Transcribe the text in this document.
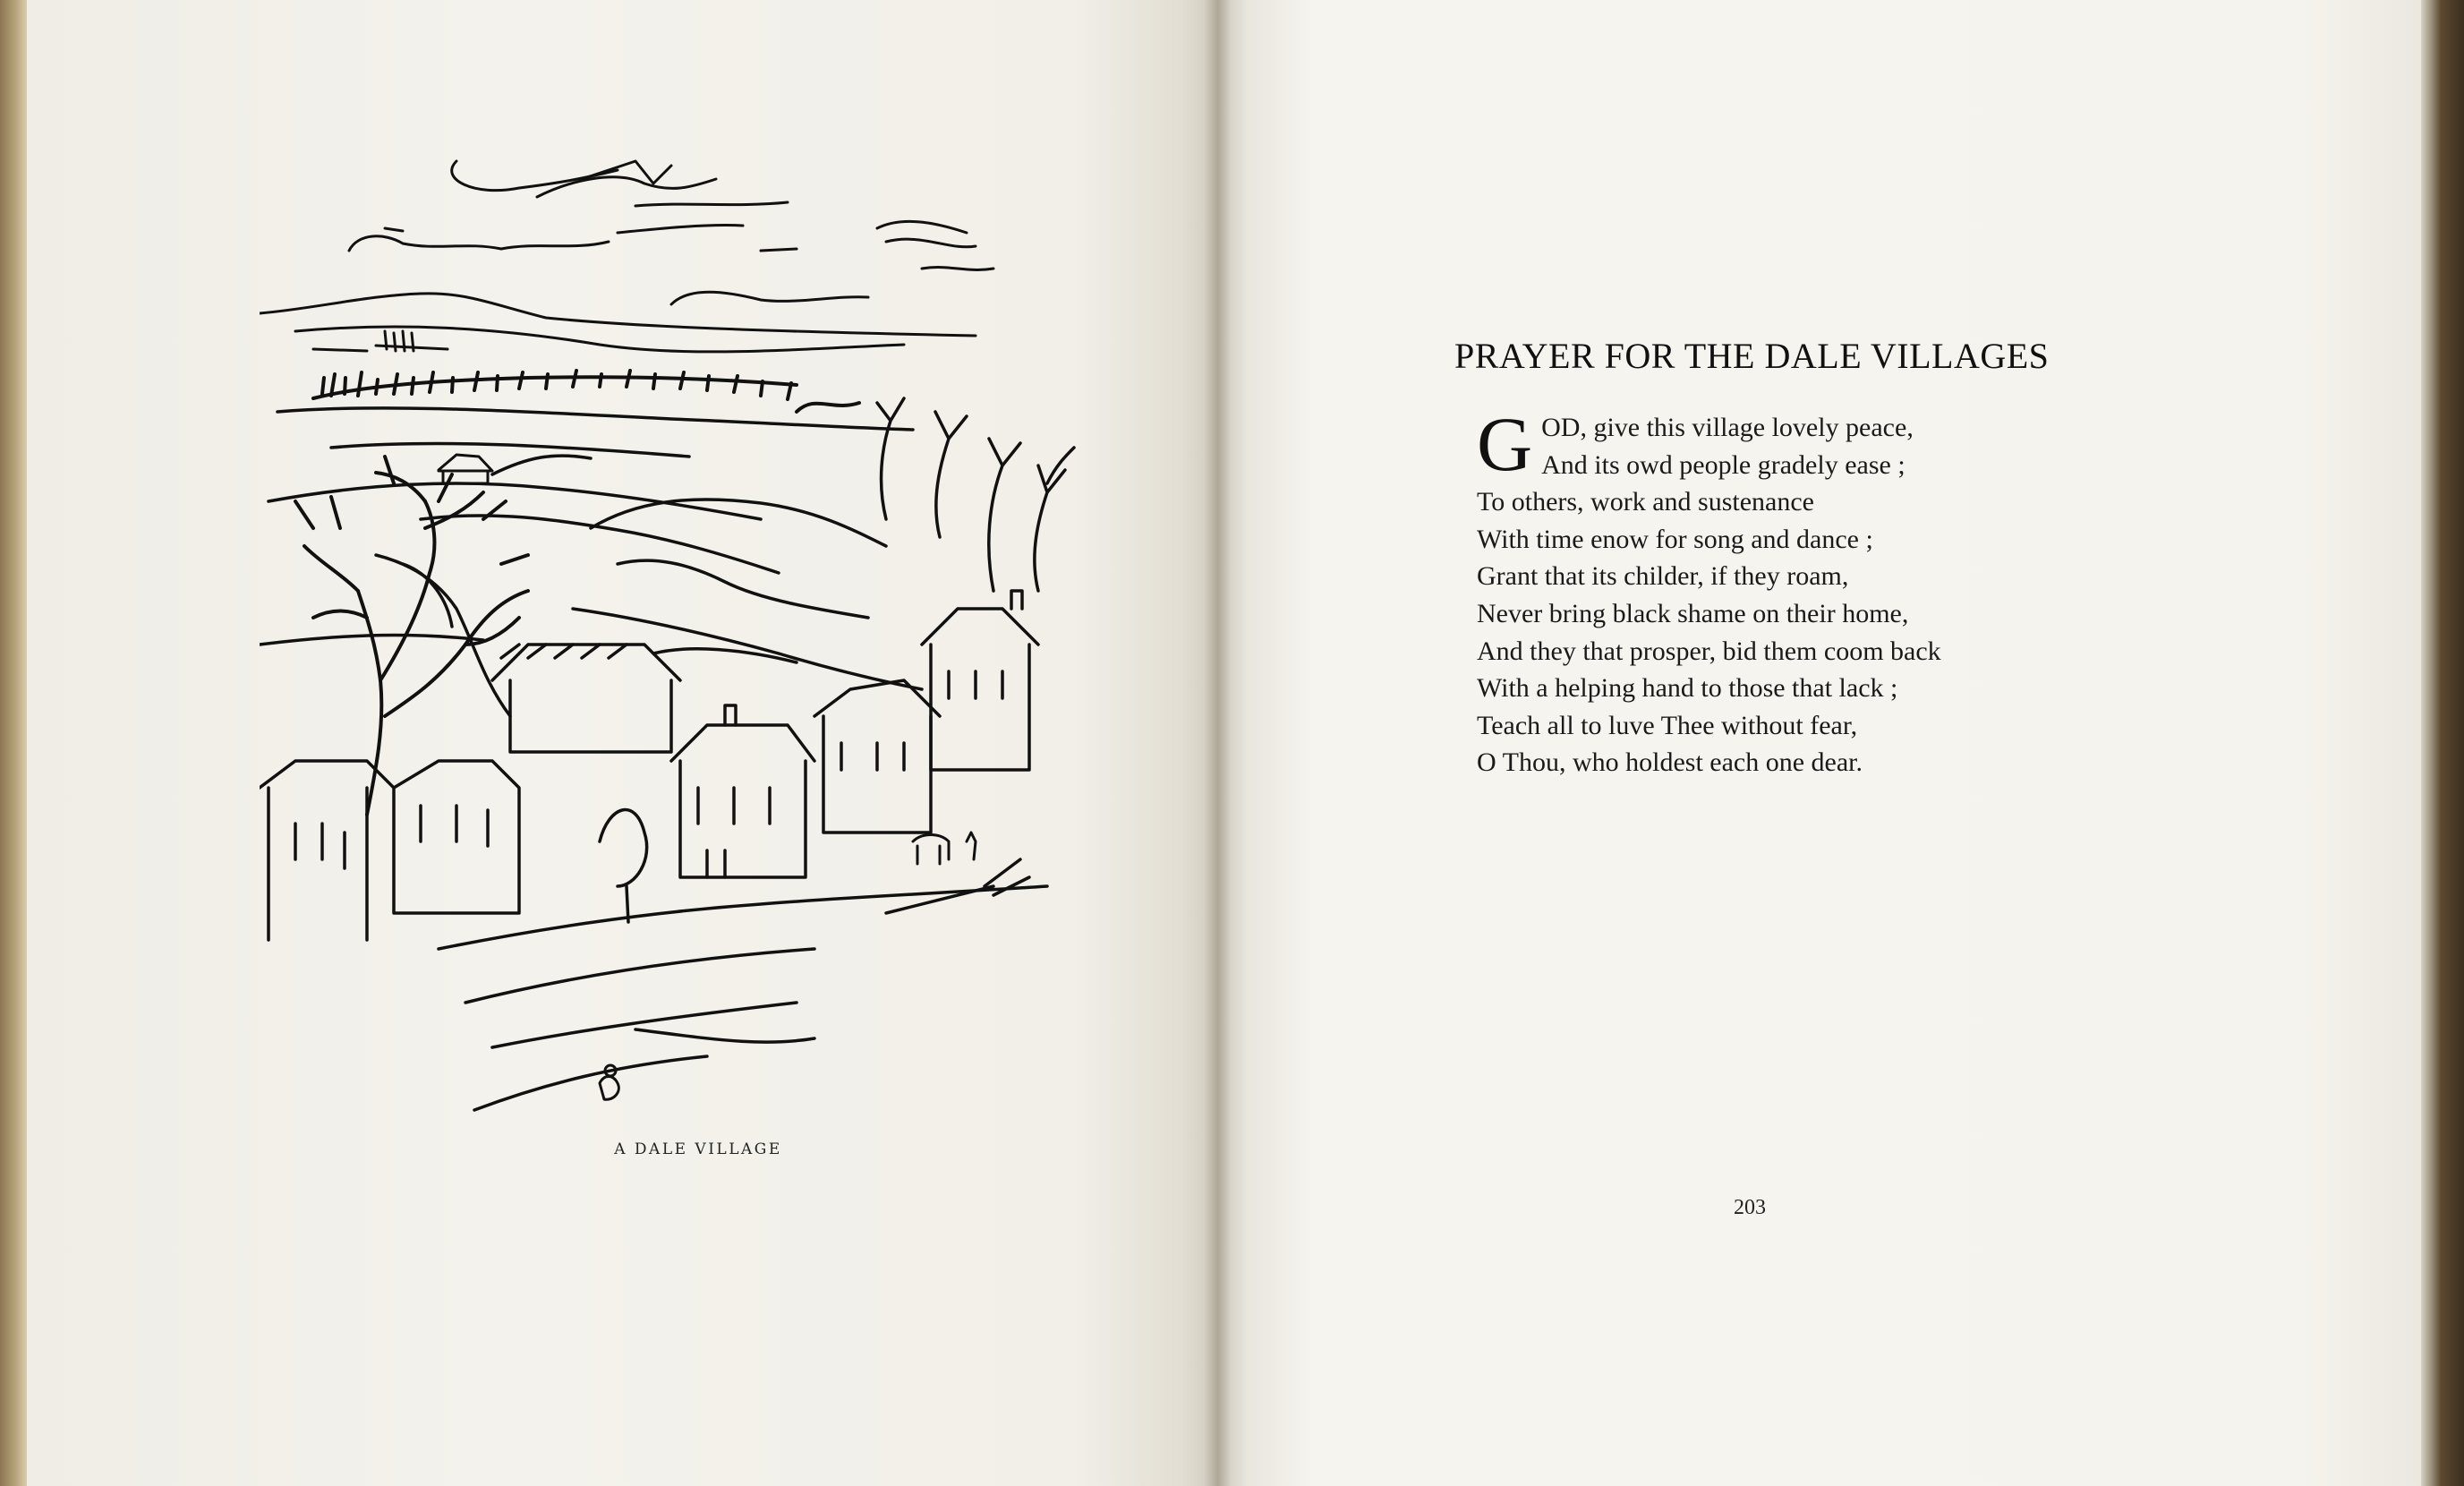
A DALE VILLAGE
PRAYER FOR THE DALE VILLAGES
G OD, give this village lovely peace,
And its owd people gradely ease ;
To others, work and sustenance
With time enow for song and dance ;
Grant that its childer, if they roam,
Never bring black shame on their home,
And they that prosper, bid them coom back
With a helping hand to those that lack ;
Teach all to luve Thee without fear,
O Thou, who holdest each one dear.
203
